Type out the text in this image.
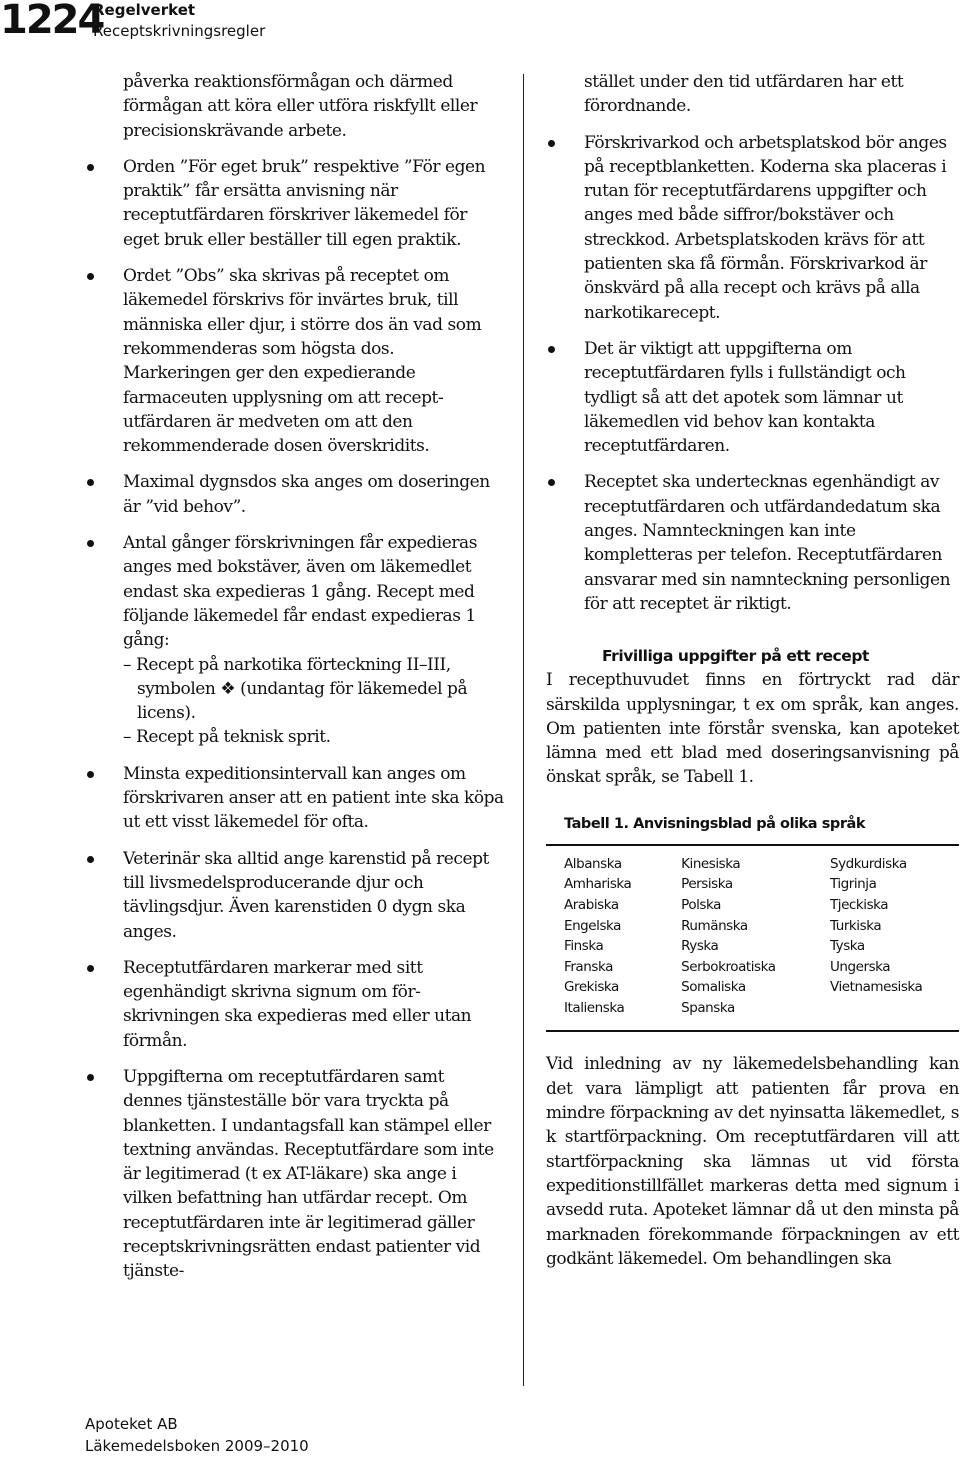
1224
Regelverket
Receptskrivningsregler
påverka reaktionsförmågan och därmed förmågan att köra eller utföra riskfyllt eller precisionskrävande arbete.
Orden ”För eget bruk” respektive ”För egen praktik” får ersätta anvisning när receptutfärdaren förskriver läkemedel för eget bruk eller beställer till egen praktik.
Ordet ”Obs” ska skrivas på receptet om läkemedel förskrivs för invärtes bruk, till människa eller djur, i större dos än vad som rekommenderas som högsta dos. Markeringen ger den expedierande farmaceuten upplysning om att receptutfärdaren är medveten om att den rekommenderade dosen överskridits.
Maximal dygnsdos ska anges om doseringen är ”vid behov”.
Antal gånger förskrivningen får expedieras anges med bokstäver, även om läkemedlet endast ska expedieras 1 gång. Recept med följande läkemedel får endast expedieras 1 gång:
– Recept på narkotika förteckning II–III, symbolen ❖ (undantag för läkemedel på licens).
– Recept på teknisk sprit.
Minsta expeditionsintervall kan anges om förskrivaren anser att en patient inte ska köpa ut ett visst läkemedel för ofta.
Veterinär ska alltid ange karenstid på recept till livsmedelsproducerande djur och tävlingsdjur. Även karenstiden 0 dygn ska anges.
Receptutfärdaren markerar med sitt egenhändigt skrivna signum om förskrivningen ska expedieras med eller utan förmån.
Uppgifterna om receptutfärdaren samt dennes tjänsteställe bör vara tryckta på blanketten. I undantagsfall kan stämpel eller textning användas. Receptutfärdare som inte är legitimerad (t ex AT-läkare) ska ange i vilken befattning han utfärdar recept. Om receptutfärdaren inte är legitimerad gäller receptskrivningsrätten endast patienter vid tjänste-
stället under den tid utfärdaren har ett förordnande.
Förskrivarkod och arbetsplatskod bör anges på receptblanketten. Koderna ska placeras i rutan för receptutfärdarens uppgifter och anges med både siffror/bokstäver och streckkod. Arbetsplatskoden krävs för att patienten ska få förmån. Förskrivarkod är önskvärd på alla recept och krävs på alla narkotikarecept.
Det är viktigt att uppgifterna om receptutfärdaren fylls i fullständigt och tydligt så att det apotek som lämnar ut läkemedlen vid behov kan kontakta receptutfärdaren.
Receptet ska undertecknas egenhändigt av receptutfärdaren och utfärdandedatum ska anges. Namnteckningen kan inte kompletteras per telefon. Receptutfärdaren ansvarar med sin namnteckning personligen för att receptet är riktigt.
Frivilliga uppgifter på ett recept
I recepthuvudet finns en förtryckt rad där särskilda upplysningar, t ex om språk, kan anges. Om patienten inte förstår svenska, kan apoteket lämna med ett blad med doseringsanvisning på önskat språk, se Tabell 1.
Tabell 1. Anvisningsblad på olika språk
Albanska
Amhariska
Arabiska
Engelska
Finska
Franska
Grekiska
Italienska
Kinesiska
Persiska
Polska
Rumänska
Ryska
Serbokroatiska
Somaliska
Spanska
Sydkurdiska
Tigrinja
Tjeckiska
Turkiska
Tyska
Ungerska
Vietnamesiska
Vid inledning av ny läkemedelsbehandling kan det vara lämpligt att patienten får prova en mindre förpackning av det nyinsatta läkemedlet, s k startförpackning. Om receptutfärdaren vill att startförpackning ska lämnas ut vid första expeditionstillfället markeras detta med signum i avsedd ruta. Apoteket lämnar då ut den minsta på marknaden förekommande förpackningen av ett godkänt läkemedel. Om behandlingen ska
Apoteket AB
Läkemedelsboken 2009–2010
